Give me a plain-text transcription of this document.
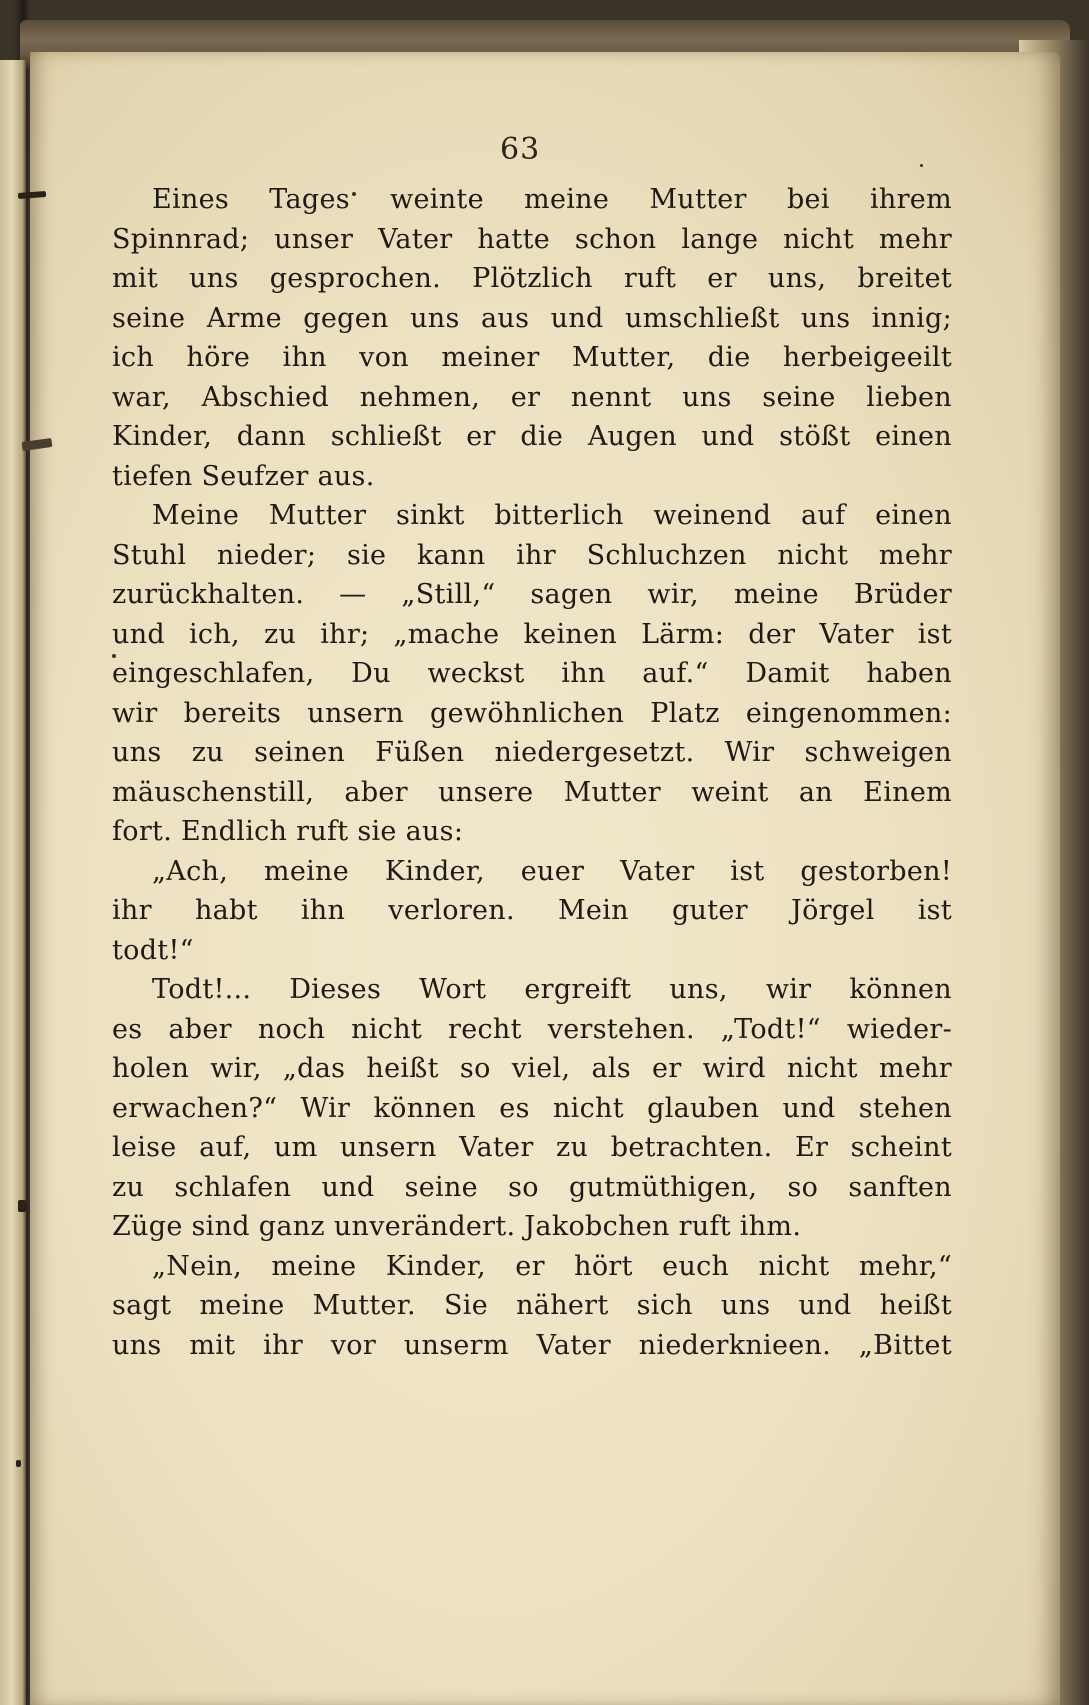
63
Eines Tages weinte meine Mutter bei ihrem
Spinnrad; unser Vater hatte schon lange nicht mehr
mit uns gesprochen. Plötzlich ruft er uns, breitet
seine Arme gegen uns aus und umschließt uns innig;
ich höre ihn von meiner Mutter, die herbeigeeilt
war, Abschied nehmen, er nennt uns seine lieben
Kinder, dann schließt er die Augen und stößt einen
tiefen Seufzer aus.
Meine Mutter sinkt bitterlich weinend auf einen
Stuhl nieder; sie kann ihr Schluchzen nicht mehr
zurückhalten. — „Still,“ sagen wir, meine Brüder
und ich, zu ihr; „mache keinen Lärm: der Vater ist
eingeschlafen, Du weckst ihn auf.“ Damit haben
wir bereits unsern gewöhnlichen Platz eingenommen:
uns zu seinen Füßen niedergesetzt. Wir schweigen
mäuschenstill, aber unsere Mutter weint an Einem
fort. Endlich ruft sie aus:
„Ach, meine Kinder, euer Vater ist gestorben!
ihr habt ihn verloren. Mein guter Jörgel ist
todt!“
Todt!... Dieses Wort ergreift uns, wir können
es aber noch nicht recht verstehen. „Todt!“ wieder-
holen wir, „das heißt so viel, als er wird nicht mehr
erwachen?“ Wir können es nicht glauben und stehen
leise auf, um unsern Vater zu betrachten. Er scheint
zu schlafen und seine so gutmüthigen, so sanften
Züge sind ganz unverändert. Jakobchen ruft ihm.
„Nein, meine Kinder, er hört euch nicht mehr,“
sagt meine Mutter. Sie nähert sich uns und heißt
uns mit ihr vor unserm Vater niederknieen. „Bittet
